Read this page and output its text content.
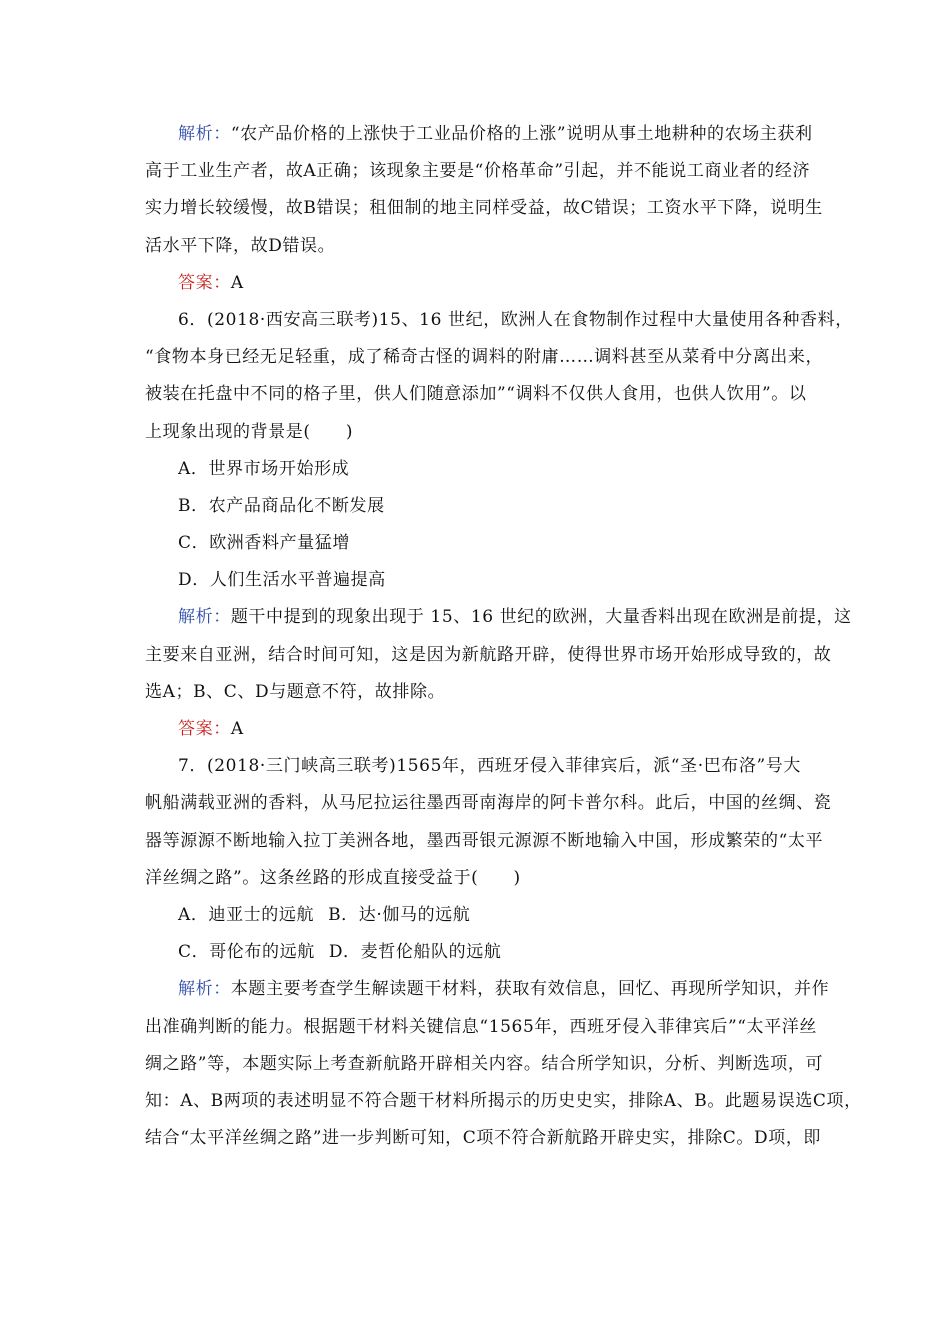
解析：“农产品价格的上涨快于工业品价格的上涨”说明从事土地耕种的农场主获利
高于工业生产者，故A正确；该现象主要是“价格革命”引起，并不能说工商业者的经济
实力增长较缓慢，故B错误；租佃制的地主同样受益，故C错误；工资水平下降，说明生
活水平下降，故D错误。
答案：A
6．(2018·西安高三联考)15、16 世纪，欧洲人在食物制作过程中大量使用各种香料，
“食物本身已经无足轻重，成了稀奇古怪的调料的附庸……调料甚至从菜肴中分离出来，
被装在托盘中不同的格子里，供人们随意添加”“调料不仅供人食用，也供人饮用”。以
上现象出现的背景是(　　)
A．世界市场开始形成
B．农产品商品化不断发展
C．欧洲香料产量猛增
D．人们生活水平普遍提高
解析：题干中提到的现象出现于 15、16 世纪的欧洲，大量香料出现在欧洲是前提，这
主要来自亚洲，结合时间可知，这是因为新航路开辟，使得世界市场开始形成导致的，故
选A；B、C、D与题意不符，故排除。
答案：A
7．(2018·三门峡高三联考)1565年，西班牙侵入菲律宾后，派“圣·巴布洛”号大
帆船满载亚洲的香料，从马尼拉运往墨西哥南海岸的阿卡普尔科。此后，中国的丝绸、瓷
器等源源不断地输入拉丁美洲各地，墨西哥银元源源不断地输入中国，形成繁荣的“太平
洋丝绸之路”。这条丝路的形成直接受益于(　　)
A．迪亚士的远航 B．达·伽马的远航
C．哥伦布的远航 D．麦哲伦船队的远航
解析：本题主要考查学生解读题干材料，获取有效信息，回忆、再现所学知识，并作
出准确判断的能力。根据题干材料关键信息“1565年，西班牙侵入菲律宾后”“太平洋丝
绸之路”等，本题实际上考查新航路开辟相关内容。结合所学知识，分析、判断选项，可
知：A、B两项的表述明显不符合题干材料所揭示的历史史实，排除A、B。此题易误选C项，
结合“太平洋丝绸之路”进一步判断可知，C项不符合新航路开辟史实，排除C。D项，即
